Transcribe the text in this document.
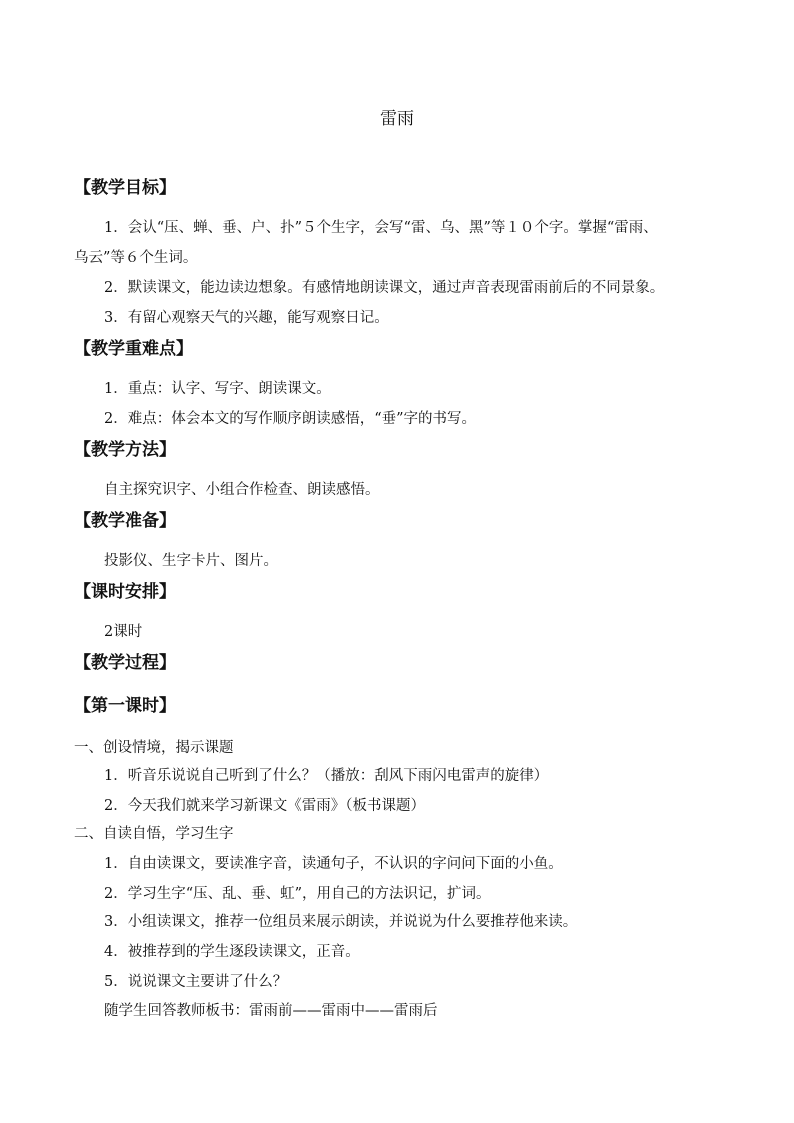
雷雨
【教学目标】
1．会认“压、蝉、垂、户、扑”５个生字，会写“雷、乌、黑”等１０个字。掌握“雷雨、
乌云”等６个生词。
2．默读课文，能边读边想象。有感情地朗读课文，通过声音表现雷雨前后的不同景象。
3．有留心观察天气的兴趣，能写观察日记。
【教学重难点】
1．重点：认字、写字、朗读课文。
2．难点：体会本文的写作顺序朗读感悟，“垂”字的书写。
【教学方法】
自主探究识字、小组合作检查、朗读感悟。
【教学准备】
投影仪、生字卡片、图片。
【课时安排】
2课时
【教学过程】
【第一课时】
一、创设情境，揭示课题
1．听音乐说说自己听到了什么？（播放：刮风下雨闪电雷声的旋律）
2．今天我们就来学习新课文《雷雨》（板书课题）
二、自读自悟，学习生字
1．自由读课文，要读准字音，读通句子，不认识的字问问下面的小鱼。
2．学习生字“压、乱、垂、虹”，用自己的方法识记，扩词。
3．小组读课文，推荐一位组员来展示朗读，并说说为什么要推荐他来读。
4．被推荐到的学生逐段读课文，正音。
5．说说课文主要讲了什么？
随学生回答教师板书：雷雨前——雷雨中——雷雨后
